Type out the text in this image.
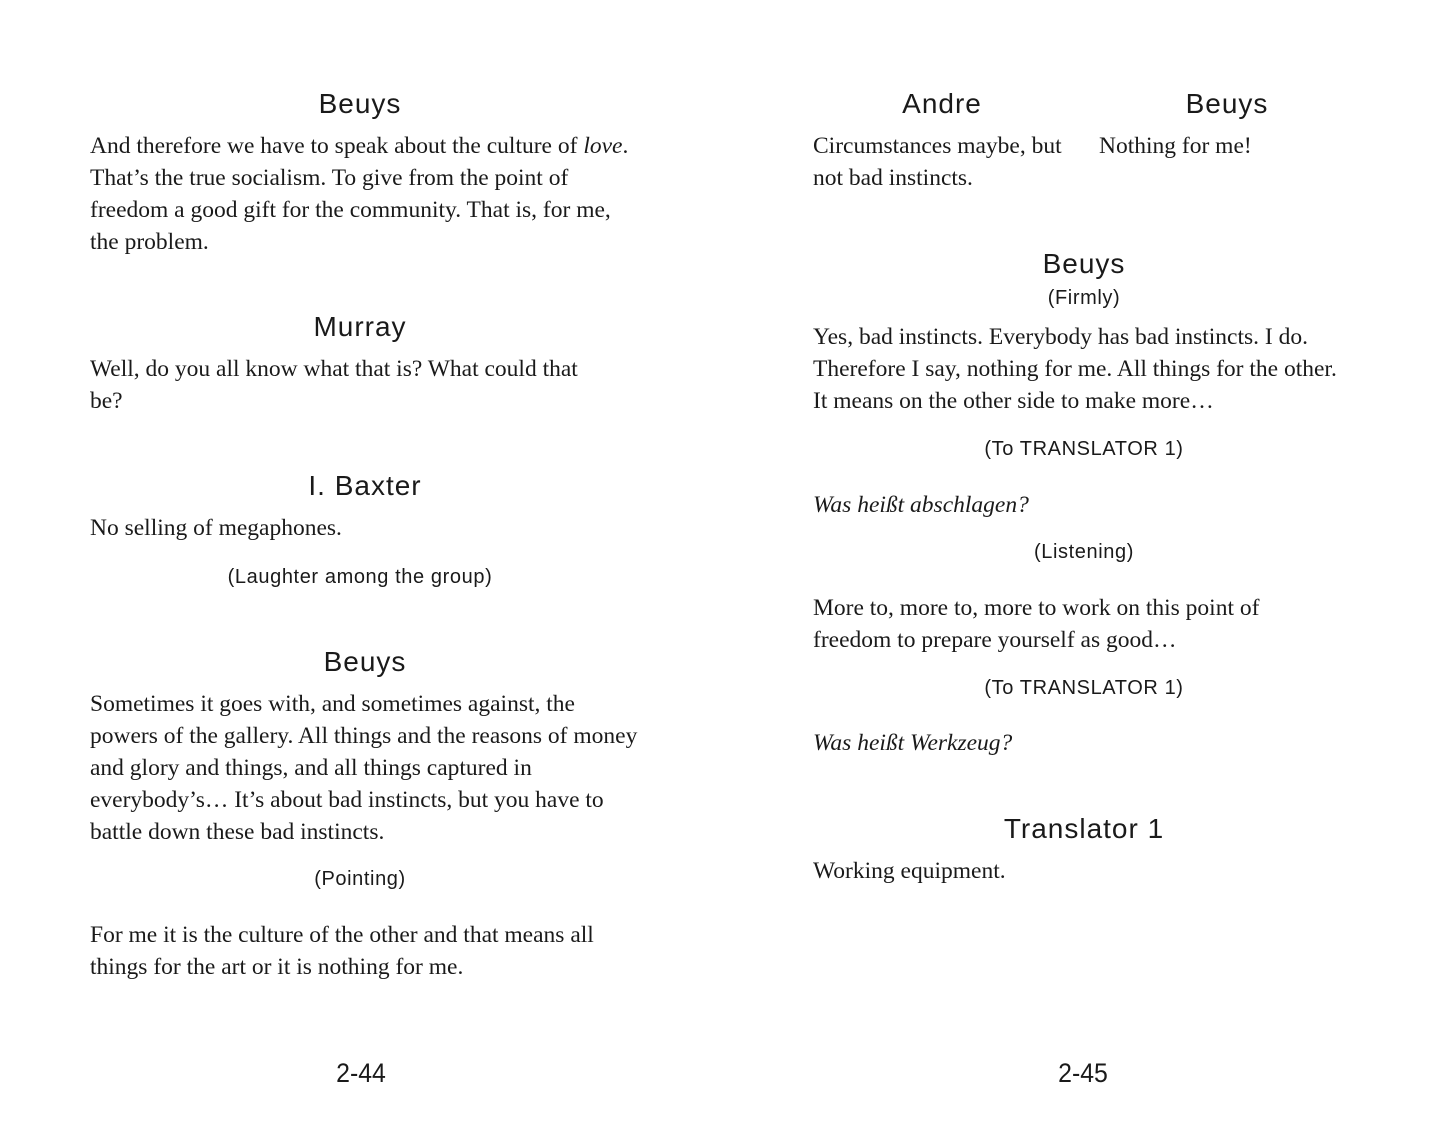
Beuys

And therefore we have to speak about the culture of love. That’s the true socialism. To give from the point of freedom a good gift for the community. That is, for me, the problem.

Murray

Well, do you all know what that is? What could that be?

I. Baxter

No selling of megaphones.

(Laughter among the group)
Beuys

Sometimes it goes with, and sometimes against, the powers of the gallery. All things and the reasons of money and glory and things, and all things captured in everybody’s… It’s about bad instincts, but you have to battle down these bad instincts.

(Pointing)

For me it is the culture of the other and that means all things for the art or it is nothing for me.

2-44
Andre

Circumstances maybe, but not bad instincts.

Beuys

Nothing for me!

Beuys
(Firmly)

Yes, bad instincts. Everybody has bad instincts. I do. Therefore I say, nothing for me. All things for the other. It means on the other side to make more…

(To TRANSLATOR 1)

Was heißt abschlagen?

(Listening)

More to, more to, more to work on this point of freedom to prepare yourself as good…

(To TRANSLATOR 1)

Was heißt Werkzeug?

Translator 1

Working equipment.

2-45
